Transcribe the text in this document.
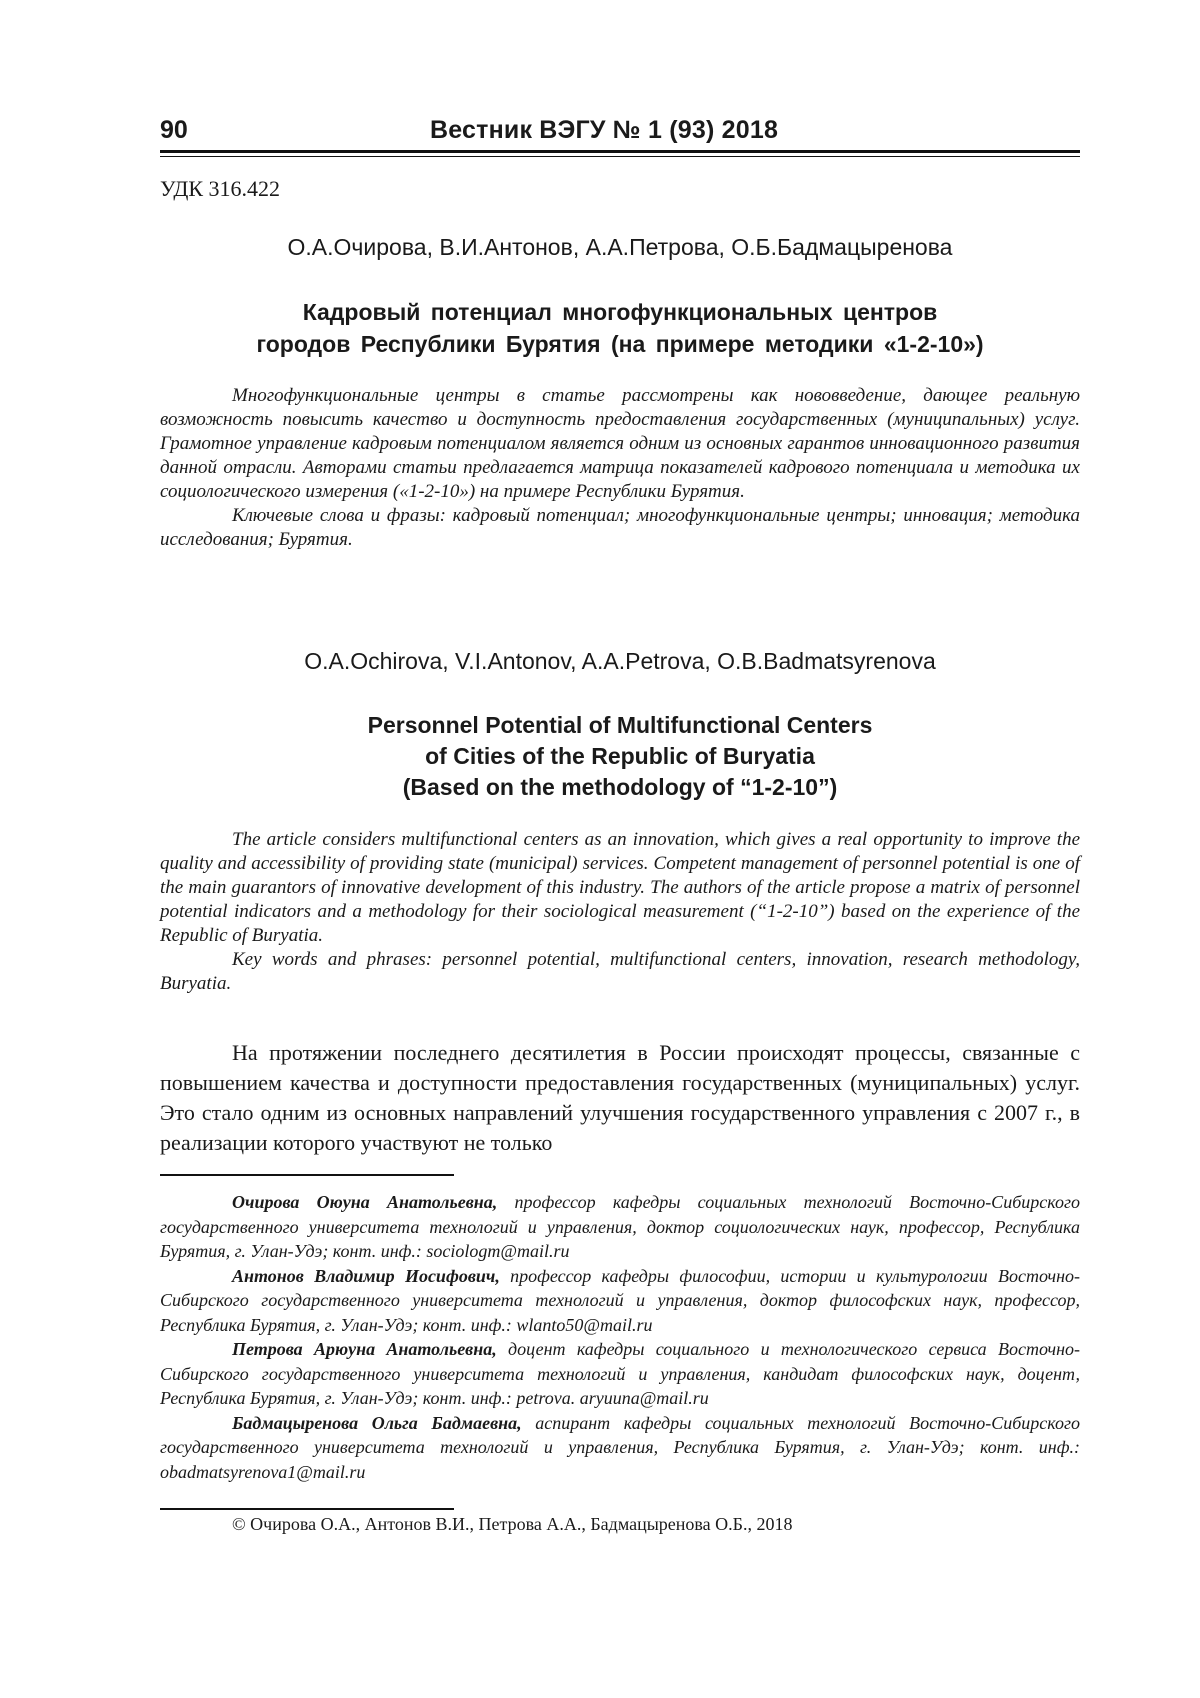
90	Вестник ВЭГУ № 1 (93) 2018
УДК 316.422
О.А.Очирова, В.И.Антонов, А.А.Петрова, О.Б.Бадмацыренова
Кадровый потенциал многофункциональных центров
городов Республики Бурятия (на примере методики «1-2-10»)

Многофункциональные центры в статье рассмотрены как нововведение, дающее реальную возможность повысить качество и доступность предоставления государственных (муниципальных) услуг. Грамотное управление кадровым потенциалом является одним из основных гарантов инновационного развития данной отрасли. Авторами статьи предлагается матрица показателей кадрового потенциала и методика их социологического измерения («1-2-10») на примере Республики Бурятия.

Ключевые слова и фразы: кадровый потенциал; многофункциональные центры; инновация; методика исследования; Бурятия.

O.A.Ochirova, V.I.Antonov, A.A.Petrova, O.B.Badmatsyrenova
Personnel Potential of Multifunctional Centers
of Cities of the Republic of Buryatia
(Based on the methodology of “1-2-10”)

The article considers multifunctional centers as an innovation, which gives a real opportunity to improve the quality and accessibility of providing state (municipal) services. Competent management of personnel potential is one of the main guarantors of innovative development of this industry. The authors of the article propose a matrix of personnel potential indicators and a methodology for their sociological measurement (“1-2-10”) based on the experience of the Republic of Buryatia.

Key words and phrases: personnel potential, multifunctional centers, innovation, research methodology, Buryatia.

На протяжении последнего десятилетия в России происходят процессы, связанные с повышением качества и доступности предоставления государственных (муниципальных) услуг. Это стало одним из основных направлений улучшения государственного управления с 2007 г., в реализации которого участвуют не только

Очирова Оюуна Анатольевна, профессор кафедры социальных технологий Восточно-Сибирского государственного университета технологий и управления, доктор социологических наук, профессор, Республика Бурятия, г. Улан-Удэ; конт. инф.: sociologm@mail.ru

Антонов Владимир Иосифович, профессор кафедры философии, истории и культурологии Восточно-Сибирского государственного университета технологий и управления, доктор философских наук, профессор, Республика Бурятия, г. Улан-Удэ; конт. инф.: wlanto50@mail.ru

Петрова Арюуна Анатольевна, доцент кафедры социального и технологического сервиса Восточно-Сибирского государственного университета технологий и управления, кандидат философских наук, доцент, Республика Бурятия, г. Улан-Удэ; конт. инф.: petrova. aryuuna@mail.ru

Бадмацыренова Ольга Бадмаевна, аспирант кафедры социальных технологий Восточно-Сибирского государственного университета технологий и управления, Республика Бурятия, г. Улан-Удэ; конт. инф.: obadmatsyrenova1@mail.ru

© Очирова О.А., Антонов В.И., Петрова А.А., Бадмацыренова О.Б., 2018
